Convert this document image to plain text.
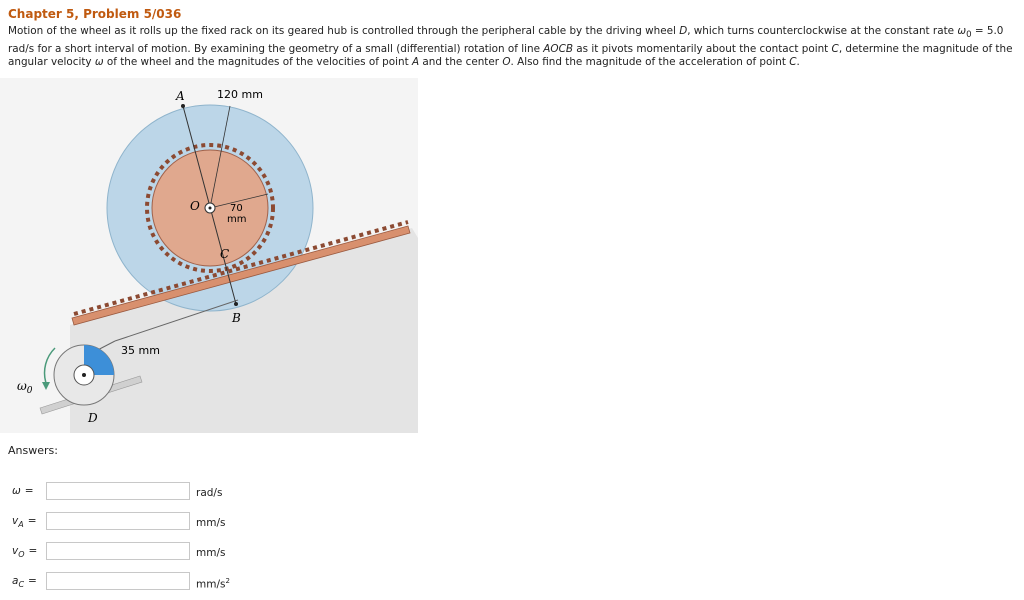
Chapter 5, Problem 5/036
Motion of the wheel as it rolls up the fixed rack on its geared hub is controlled through the peripheral cable by the driving wheel D, which turns counterclockwise at the constant rate $\omega_0 = 5.0$ rad/s for a short interval of motion. By examining the geometry of a small (differential) rotation of line AOCB as it pivots momentarily about the contact point C, determine the magnitude of the angular velocity ω of the wheel and the magnitudes of the velocities of point A and the center O. Also find the magnitude of the acceleration of point C.
A	120 mm
O	70
mm
C
B
35 mm
D
$\omega_0$
Answers:
ω =	rad/s
$v_A$ =	mm/s
$v_O$ =	mm/s
$a_C$ =	$mm/s^2$
